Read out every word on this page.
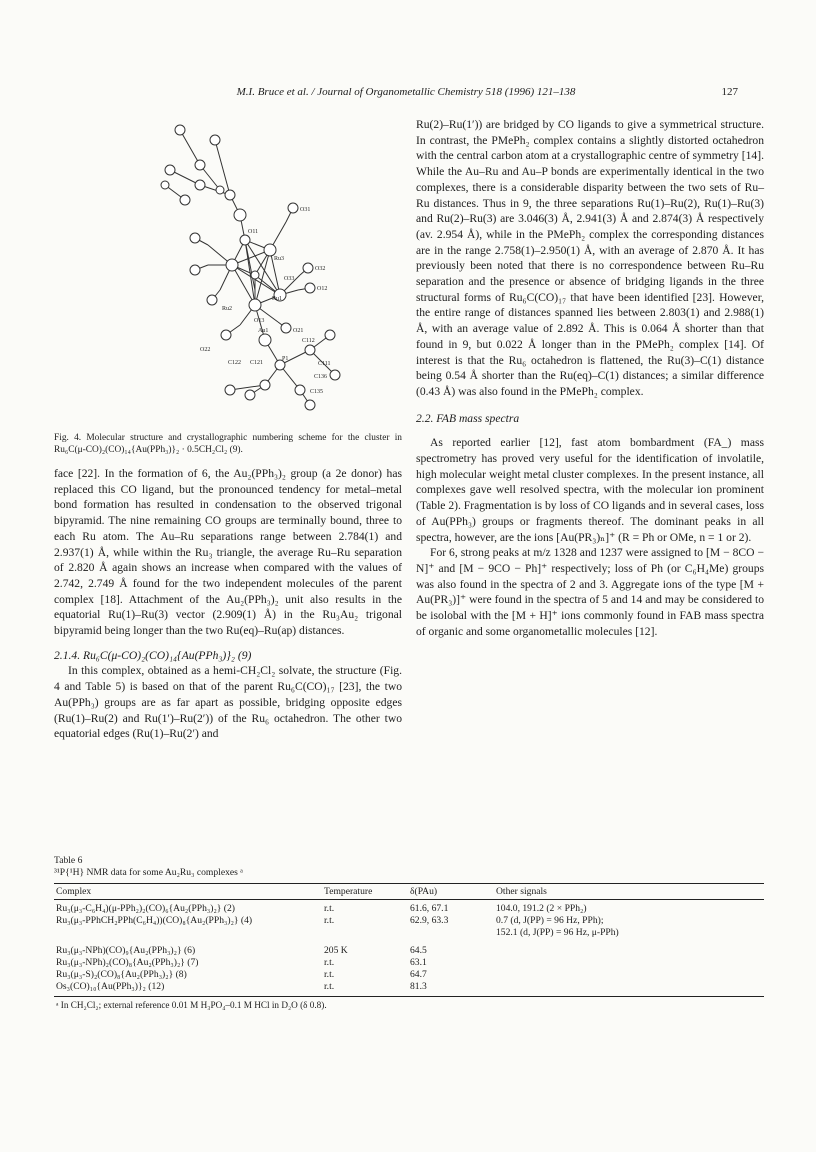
M.I. Bruce et al. / Journal of Organometallic Chemistry 518 (1996) 121–138	127
O31
O11
Ru3
O32
O33
O12
Ru1
Ru2
O13
O21
Au1
C112
O22
P1
C122 C121	C111
C136
C135
Fig. 4. Molecular structure and crystallographic numbering scheme for the cluster in Ru₆C(μ-CO)₂(CO)₁₄{Au(PPh₃)}₂ · 0.5CH₂Cl₂ (9).

face [22]. In the formation of 6, the Au₂(PPh₃)₂ group (a 2e donor) has replaced this CO ligand, but the pronounced tendency for metal–metal bond formation has resulted in condensation to the observed trigonal bipyramid. The nine remaining CO groups are terminally bound, three to each Ru atom. The Au–Ru separations range between 2.784(1) and 2.937(1) Å, while within the Ru₃ triangle, the average Ru–Ru separation of 2.820 Å again shows an increase when compared with the values of 2.742, 2.749 Å found for the two independent molecules of the parent complex [18]. Attachment of the Au₂(PPh₃)₂ unit also results in the equatorial Ru(1)–Ru(3) vector (2.909(1) Å) in the Ru₃Au₂ trigonal bipyramid being longer than the two Ru(eq)–Ru(ap) distances.

2.1.4. Ru₆C(μ-CO)₂(CO)₁₄{Au(PPh₃)}₂ (9)

In this complex, obtained as a hemi-CH₂Cl₂ solvate, the structure (Fig. 4 and Table 5) is based on that of the parent Ru₆C(CO)₁₇ [23], the two Au(PPh₃) groups are as far apart as possible, bridging opposite edges (Ru(1)–Ru(2) and Ru(1′)–Ru(2′)) of the Ru₆ octahedron. The other two equatorial edges (Ru(1)–Ru(2′) and

Ru(2)–Ru(1′)) are bridged by CO ligands to give a symmetrical structure. In contrast, the PMePh₂ complex contains a slightly distorted octahedron with the central carbon atom at a crystallographic centre of symmetry [14]. While the Au–Ru and Au–P bonds are experimentally identical in the two complexes, there is a considerable disparity between the two sets of Ru–Ru distances. Thus in 9, the three separations Ru(1)–Ru(2), Ru(1)–Ru(3) and Ru(2)–Ru(3) are 3.046(3) Å, 2.941(3) Å and 2.874(3) Å respectively (av. 2.954 Å), while in the PMePh₂ complex the corresponding distances are in the range 2.758(1)–2.950(1) Å, with an average of 2.870 Å. It has previously been noted that there is no correspondence between Ru–Ru separation and the presence or absence of bridging ligands in the three structural forms of Ru₆C(CO)₁₇ that have been identified [23]. However, the entire range of distances spanned lies between 2.803(1) and 2.988(1) Å, with an average value of 2.892 Å. This is 0.064 Å shorter than that found in 9, but 0.022 Å longer than in the PMePh₂ complex [14]. Of interest is that the Ru₆ octahedron is flattened, the Ru(3)–C(1) distance being 0.54 Å shorter than the Ru(eq)–C(1) distances; a similar difference (0.43 Å) was also found in the PMePh₂ complex.

2.2. FAB mass spectra

As reported earlier [12], fast atom bombardment (FA_) mass spectrometry has proved very useful for the identification of involatile, high molecular weight metal cluster complexes. In the present instance, all complexes gave well resolved spectra, with the molecular ion prominent (Table 2). Fragmentation is by loss of CO ligands and in several cases, loss of Au(PPh₃) groups or fragments thereof. The dominant peaks in all spectra, however, are the ions [Au(PR₃)ₙ]⁺ (R = Ph or OMe, n = 1 or 2).

For 6, strong peaks at m/z 1328 and 1237 were assigned to [M − 8CO − N]⁺ and [M − 9CO − Ph]⁺ respectively; loss of Ph (or C₆H₄Me) groups was also found in the spectra of 2 and 3. Aggregate ions of the type [M + Au(PR₃)]⁺ were found in the spectra of 5 and 14 and may be considered to be isolobal with the [M + H]⁺ ions commonly found in FAB mass spectra of organic and some organometallic molecules [12].

Table 6
³¹P{¹H} NMR data for some Au₂Ru₃ complexes ᵃ
Complex	Temperature	δ(PAu)	Other signals
Ru₃(μ₃-C₆H₄)(μ-PPh₂)₂(CO)₆{Au₂(PPh₃)₂} (2)	r.t.	61.6, 67.1	104.0, 191.2 (2 × PPh₂)
Ru₃(μ₃-PPhCH₂PPh(C₆H₄))(CO)₈{Au₂(PPh₃)₂} (4)	r.t.	62.9, 63.3	0.7 (d, J(PP) = 96 Hz, PPh);
			152.1 (d, J(PP) = 96 Hz, μ-PPh)
Ru₃(μ₃-NPh)(CO)₉{Au₂(PPh₃)₂} (6)	205 K	64.5	
Ru₃(μ₃-NPh)₂(CO)₈{Au₂(PPh₃)₂} (7)	r.t.	63.1	
Ru₃(μ₃-S)₂(CO)₈{Au₂(PPh₃)₂} (8)	r.t.	64.7	
Os₃(CO)₁₀{Au(PPh₃)}₂ (12)	r.t.	81.3	
ᵃ In CH₂Cl₂; external reference 0.01 M H₃PO₄–0.1 M HCl in D₂O (δ 0.8).			
